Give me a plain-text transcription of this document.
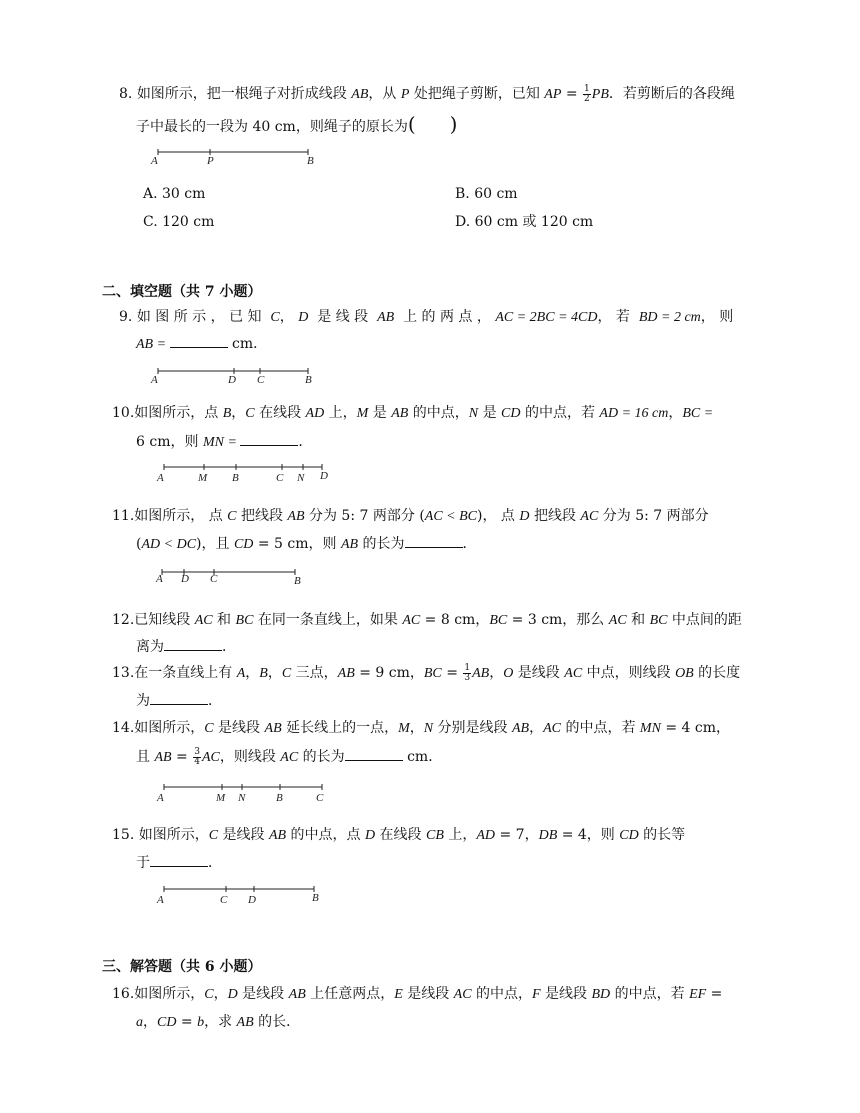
8. 如图所示，把一根绳子对折成线段 AB，从 P 处把绳子剪断，已知 AP = $\frac{1}{2}$ PB．若剪断后的各段绳
子中最长的一段为 40 cm，则绳子的原长为( )
A	P	B
A. 30 cm	B. 60 cm
C. 120 cm	D. 60 cm 或 120 cm
二、填空题（共 7 小题）
9. 如 图 所 示 ， 已 知 C， D 是 线 段 AB 上 的 两 点 ， AC = 2BC = 4CD， 若 BD = 2 cm， 则
AB =	cm．
A	D C	B
10.如图所示，点 B，C 在线段 AD 上，M 是 AB 的中点，N 是 CD 的中点，若 AD = 16 cm，BC =
6 cm，则 MN =	．
A	M B	C N D
11.如图所示， 点 C 把线段 AB 分为 5: 7 两部分 (AC < BC)， 点 D 把线段 AC 分为 5: 7 两部分
(AD < DC)，且 CD = 5 cm，则 AB 的长为	．
A D C	B
12.已知线段 AC 和 BC 在同一条直线上，如果 AC = 8 cm，BC = 3 cm，那么 AC 和 BC 中点间的距
离为	．
13.在一条直线上有 A，B，C 三点，AB = 9 cm，BC = $\frac{1}{3}$ AB，O 是线段 AC 中点，则线段 OB 的长度
为	．
14.如图所示，C 是线段 AB 延长线上的一点，M，N 分别是线段 AB，AC 的中点，若 MN = 4 cm，
且 AB = $\frac{3}{4}$ AC，则线段 AC 的长为	cm．
A	M N	B	C
15. 如图所示，C 是线段 AB 的中点，点 D 在线段 CB 上，AD = 7，DB = 4，则 CD 的长等
于	．
A	C D	B
三、解答题（共 6 小题）
16.如图所示，C，D 是线段 AB 上任意两点，E 是线段 AC 的中点，F 是线段 BD 的中点，若 EF =
a，CD = b，求 AB 的长．
